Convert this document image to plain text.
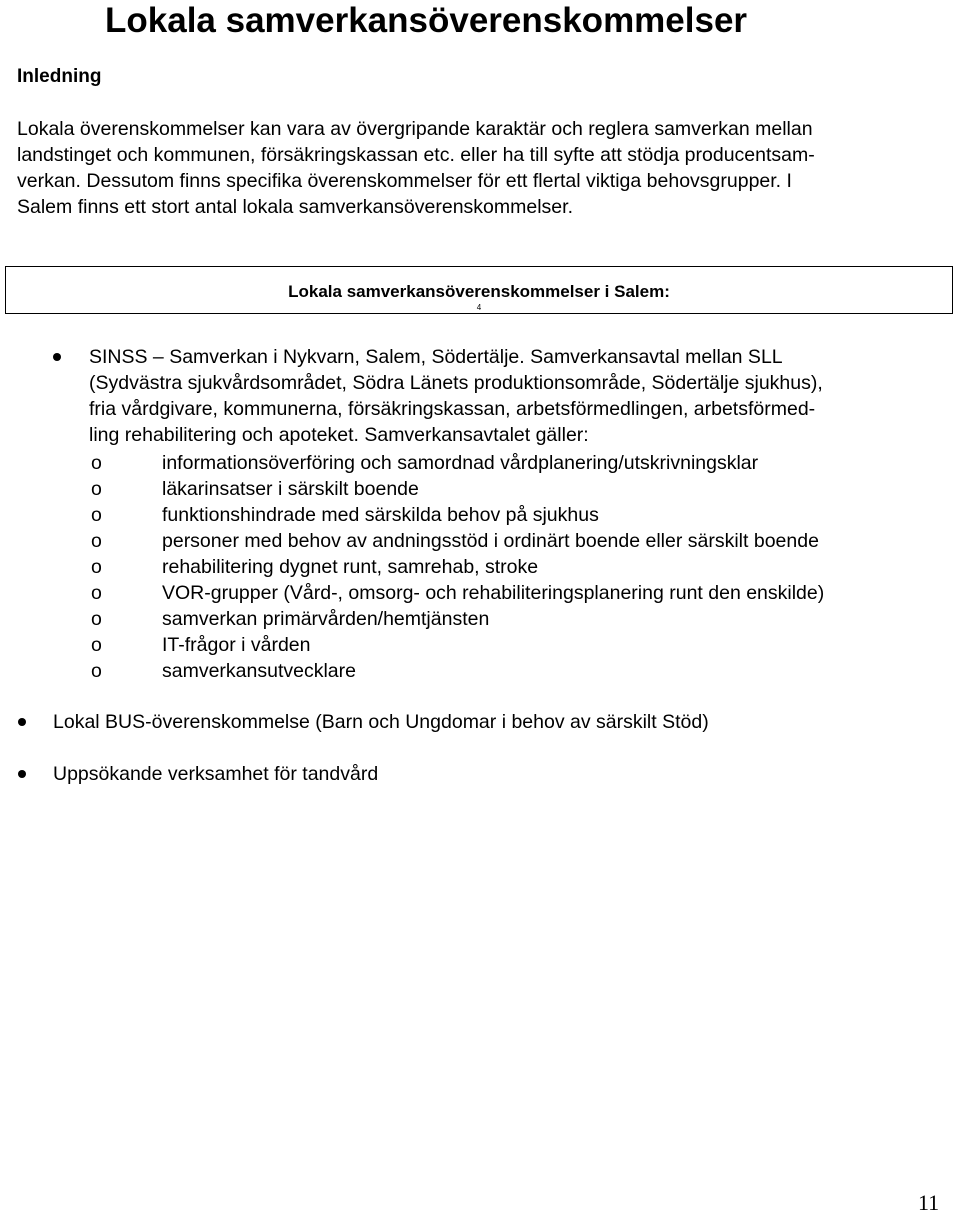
Lokala samverkansöverenskommelser
Inledning

Lokala överenskommelser kan vara av övergripande karaktär och reglera samverkan mellan
landstinget och kommunen, försäkringskassan etc. eller ha till syfte att stödja producentsam-
verkan. Dessutom finns specifika överenskommelser för ett flertal viktiga behovsgrupper. I
Salem finns ett stort antal lokala samverkansöverenskommelser.

Lokala samverkansöverenskommelser i Salem:
4

SINSS – Samverkan i Nykvarn, Salem, Södertälje. Samverkansavtal mellan SLL
(Sydvästra sjukvårdsområdet, Södra Länets produktionsområde, Södertälje sjukhus),
fria vårdgivare, kommunerna, försäkringskassan, arbetsförmedlingen, arbetsförmed-
ling rehabilitering och apoteket. Samverkansavtalet gäller:

o	informationsöverföring och samordnad vårdplanering/utskrivningsklar
o	läkarinsatser i särskilt boende
o	funktionshindrade med särskilda behov på sjukhus
o	personer med behov av andningsstöd i ordinärt boende eller särskilt boende
o	rehabilitering dygnet runt, samrehab, stroke
o	VOR-grupper (Vård-, omsorg- och rehabiliteringsplanering runt den enskilde)
o	samverkan primärvården/hemtjänsten
o	IT-frågor i vården
o	samverkansutvecklare

Lokal BUS-överenskommelse (Barn och Ungdomar i behov av särskilt Stöd)

Uppsökande verksamhet för tandvård

11
